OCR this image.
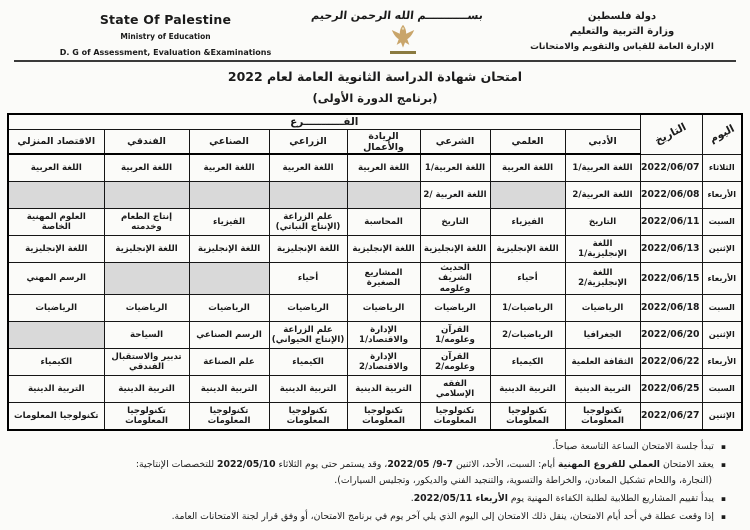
State Of Palestine
Ministry of Education
D. G of Assessment, Evaluation &Examinations
بســـــــــــم الله الرحمن الرحيم	دولة فلسطين
وزارة التربية والتعليم
الإدارة العامة للقياس والتقويم والامتحانات
امتحان شهادة الدراسة الثانوية العامة لعام 2022
(برنامج الدورة الأولى)
اليوم	التاريخ	الفـــــــــــرع							
		الأدبي	العلمي	الشرعي	الريادة والأعمال	الزراعي	الصناعي	الفندقي	الاقتصاد المنزلي
الثلاثاء	2022/06/07	اللغة العربية/1	اللغة العربية	اللغة العربية/1	اللغة العربية	اللغة العربية	اللغة العربية	اللغة العربية	اللغة العربية
الأربعاء	2022/06/08	اللغة العربية/2		اللغة العربية /2					
السبت	2022/06/11	التاريخ	الفيزياء	التاريخ	المحاسبة	علم الزراعة (الإنتاج النباتي)	الفيزياء	إنتاج الطعام وخدمته	العلوم المهنية الخاصة
الإثنين	2022/06/13	اللغة الإنجليزية/1	اللغة الإنجليزية	اللغة الإنجليزية	اللغة الإنجليزية	اللغة الإنجليزية	اللغة الإنجليزية	اللغة الإنجليزية	اللغة الإنجليزية
الأربعاء	2022/06/15	اللغة الإنجليزية/2	أحياء	الحديث الشريف وعلومه	المشاريع الصغيرة	أحياء			الرسم المهني
السبت	2022/06/18	الرياضيات	الرياضيات/1	الرياضيات	الرياضيات	الرياضيات	الرياضيات	الرياضيات	الرياضيات
الإثنين	2022/06/20	الجغرافيا	الرياضيات/2	القرآن وعلومه/1	الإدارة والاقتصاد/1	علم الزراعة (الإنتاج الحيواني)	الرسم الصناعي	السياحة	
الأربعاء	2022/06/22	الثقافة العلمية	الكيمياء	القرآن وعلومه/2	الإدارة والاقتصاد/2	الكيمياء	علم الصناعة	تدبير والاستقبال الفندقي	الكيمياء
السبت	2022/06/25	التربية الدينية	التربية الدينية	الفقه الإسلامي	التربية الدينية	التربية الدينية	التربية الدينية	التربية الدينية	التربية الدينية
الإثنين	2022/06/27	تكنولوجيا المعلومات	تكنولوجيا المعلومات	تكنولوجيا المعلومات	تكنولوجيا المعلومات	تكنولوجيا المعلومات	تكنولوجيا المعلومات	تكنولوجيا المعلومات	تكنولوجيا المعلومات
▪
تبدأ جلسة الامتحان الساعة التاسعة صباحاً.
▪
يعقد الامتحان العملي للفروع المهنية أيام: السبت، الأحد، الاثنين 7-9/ 2022/05، وقد يستمر حتى يوم الثلاثاء 2022/05/10 للتخصصات الإنتاجية:
(النجارة، واللحام تشكيل المعادن، والخراطة والتسوية، والتنجيد الفني والديكور، وتجليس السيارات).
▪
يبدأ تقييم المشاريع الطلابية لطلبة الكفاءة المهنية يوم الأربعاء 2022/05/11.
▪
إذا وقعت عطلة في أحد أيام الامتحان، ينقل ذلك الامتحان إلى اليوم الذي يلي آخر يوم في برنامج الامتحان، أو وفق قرار لجنة الامتحانات العامة.
